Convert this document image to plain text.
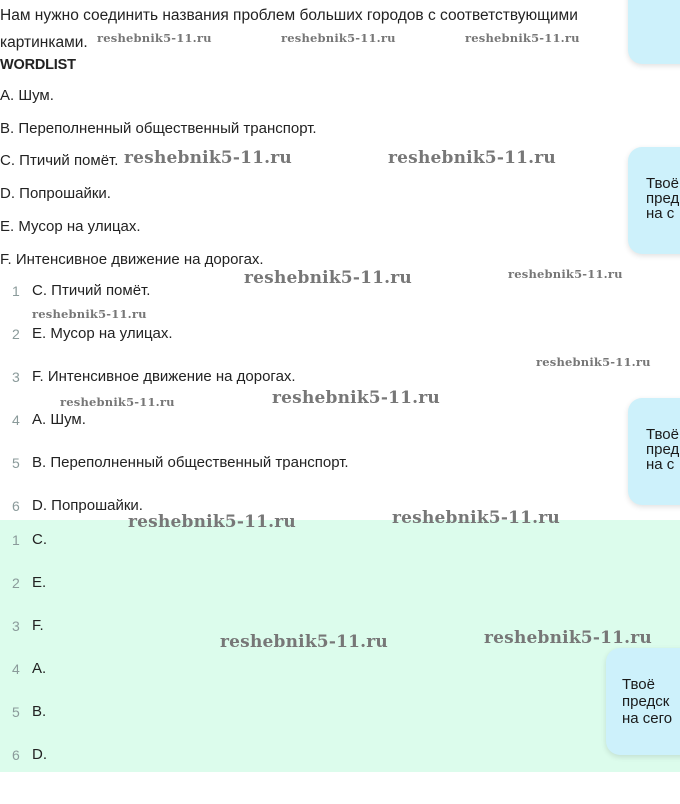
Нам нужно соединить названия проблем больших городов с соответствующими картинками.
WORDLIST
A. Шум.
B. Переполненный общественный транспорт.
C. Птичий помёт.
D. Попрошайки.
E. Мусор на улицах.
F. Интенсивное движение на дорогах.
1 C. Птичий помёт.
2 E. Мусор на улицах.
3 F. Интенсивное движение на дорогах.
4 A. Шум.
5 B. Переполненный общественный транспорт.
6 D. Попрошайки.
1 C.
2 E.
3 F.
4 A.
5 B.
6 D.
Твоё
пред
на с
Твоё
пред
на с
Твоё
предск
на сего
reshebnik5-11.ru	reshebnik5-11.ru	reshebnik5-11.ru
reshebnik5-11.ru	reshebnik5-11.ru
reshebnik5-11.ru	reshebnik5-11.ru
reshebnik5-11.ru
reshebnik5-11.ru
reshebnik5-11.ru	reshebnik5-11.ru
reshebnik5-11.ru	reshebnik5-11.ru
reshebnik5-11.ru	reshebnik5-11.ru
